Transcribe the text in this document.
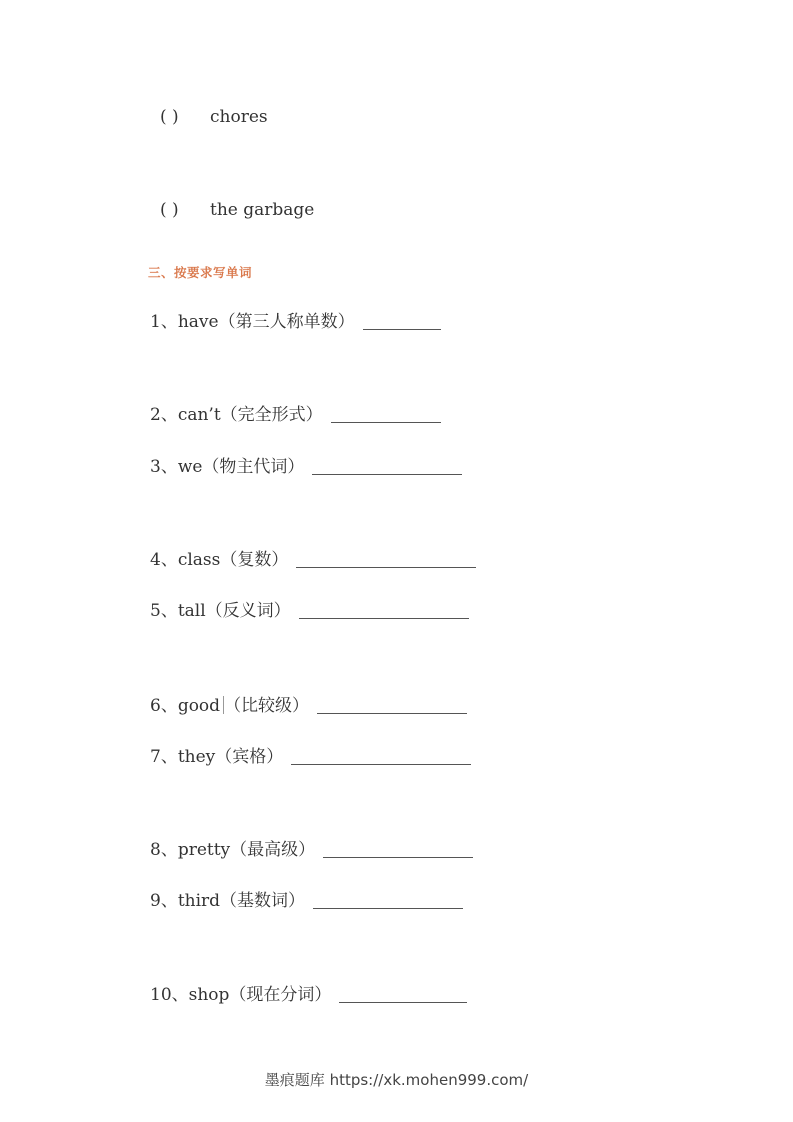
( )	chores
( )	the garbage
三、按要求写单词
1、have（第三人称单数）
2、can’t（完全形式）
3、we（物主代词）
4、class（复数）
5、tall（反义词）
6、good （比较级）
7、they（宾格）
8、pretty（最高级）
9、third（基数词）
10、shop（现在分词）
墨痕题库 https://xk.mohen999.com/
